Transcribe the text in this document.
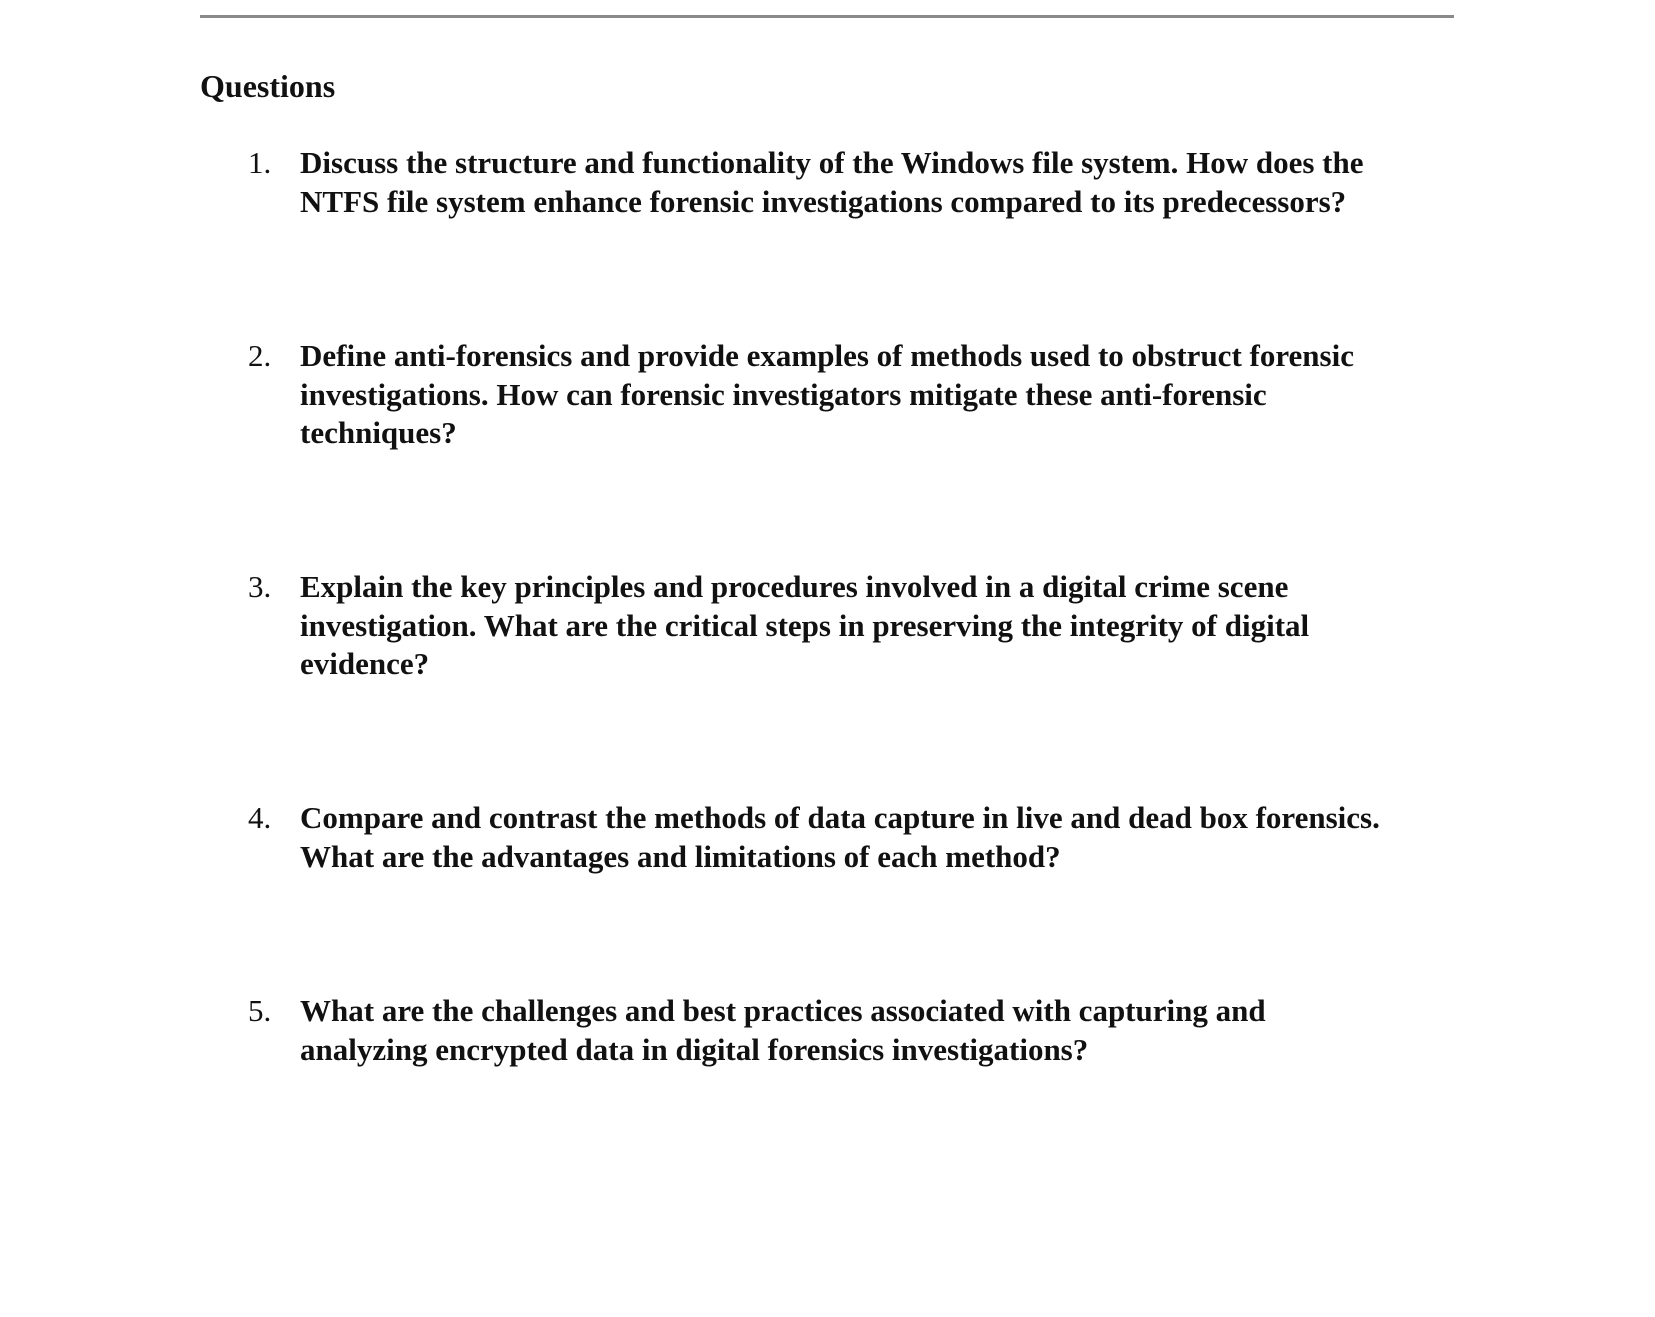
Questions
1. Discuss the structure and functionality of the Windows file system. How does the
NTFS file system enhance forensic investigations compared to its predecessors?
2. Define anti-forensics and provide examples of methods used to obstruct forensic
investigations. How can forensic investigators mitigate these anti-forensic
techniques?
3. Explain the key principles and procedures involved in a digital crime scene
investigation. What are the critical steps in preserving the integrity of digital
evidence?
4. Compare and contrast the methods of data capture in live and dead box forensics.
What are the advantages and limitations of each method?
5. What are the challenges and best practices associated with capturing and
analyzing encrypted data in digital forensics investigations?
